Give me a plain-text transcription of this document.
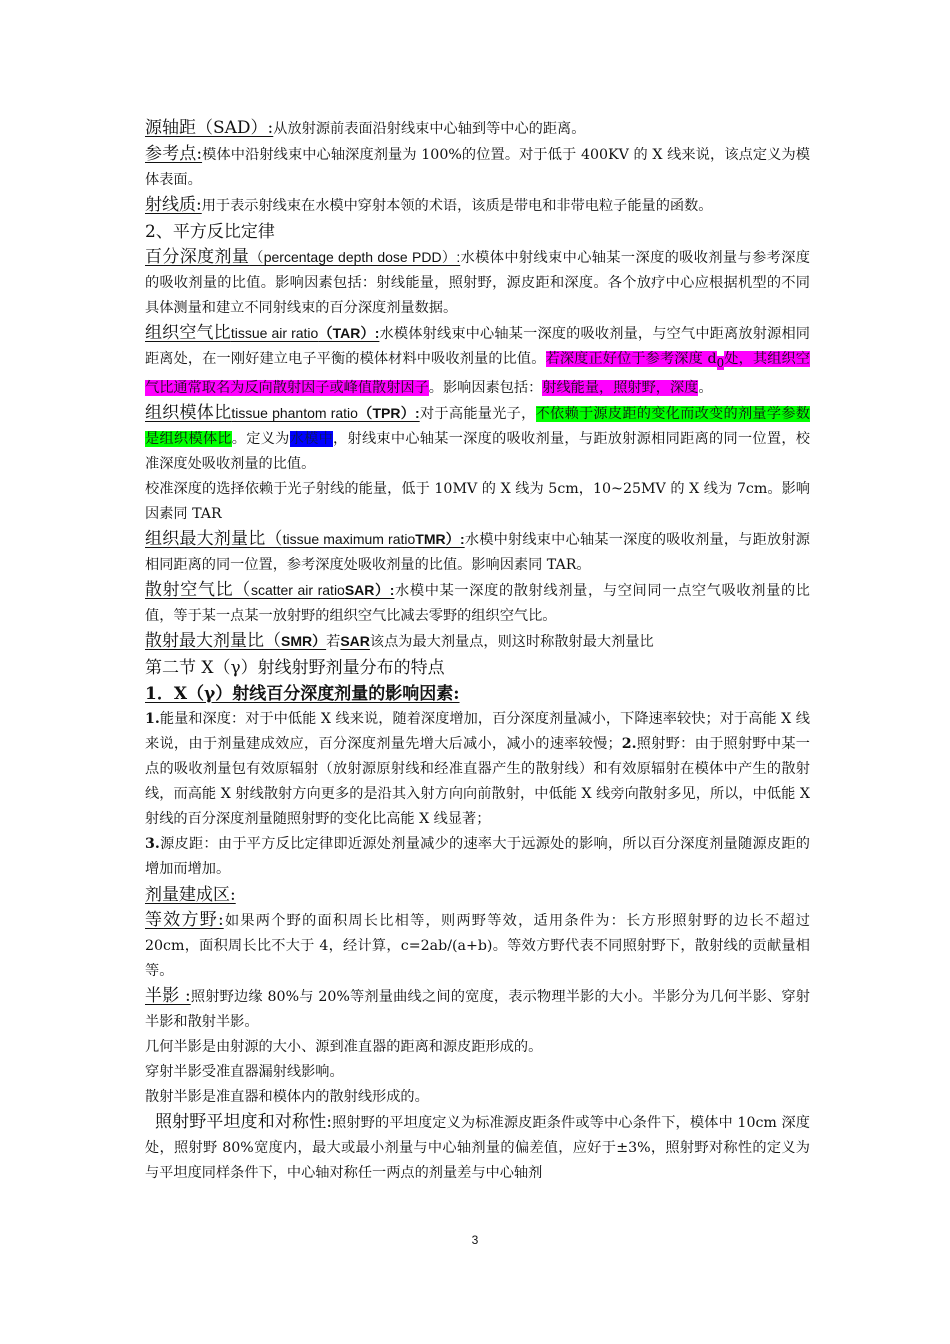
源轴距（SAD）:从放射源前表面沿射线束中心轴到等中心的距离。

参考点:模体中沿射线束中心轴深度剂量为 100%的位置。对于低于 400KV 的 X 线来说，该点定义为模体表面。

射线质:用于表示射线束在水模中穿射本领的术语，该质是带电和非带电粒子能量的函数。

2、平方反比定律

百分深度剂量（percentage depth dose PDD）:水模体中射线束中心轴某一深度的吸收剂量与参考深度的吸收剂量的比值。影响因素包括：射线能量，照射野，源皮距和深度。各个放疗中心应根据机型的不同具体测量和建立不同射线束的百分深度剂量数据。

组织空气比tissue air ratio（TAR）:水模体射线束中心轴某一深度的吸收剂量，与空气中距离放射源相同距离处，在一刚好建立电子平衡的模体材料中吸收剂量的比值。若深度正好位于参考深度 $d_0$处，其组织空气比通常取名为反向散射因子或峰值散射因子。影响因素包括：射线能量，照射野，深度。

组织模体比tissue phantom ratio（TPR）:对于高能量光子，不依赖于源皮距的变化而改变的剂量学参数是组织模体比。定义为水模中，射线束中心轴某一深度的吸收剂量，与距放射源相同距离的同一位置，校准深度处吸收剂量的比值。

校准深度的选择依赖于光子射线的能量，低于 10MV 的 X 线为 5cm，10~25MV 的 X 线为 7cm。影响因素同 TAR

组织最大剂量比（tissue maximum ratioTMR）:水模中射线束中心轴某一深度的吸收剂量，与距放射源相同距离的同一位置，参考深度处吸收剂量的比值。影响因素同 TAR。

散射空气比（scatter air ratioSAR）:水模中某一深度的散射线剂量，与空间同一点空气吸收剂量的比值，等于某一点某一放射野的组织空气比减去零野的组织空气比。

散射最大剂量比（SMR）若SAR该点为最大剂量点，则这时称散射最大剂量比

第二节 X（γ）射线射野剂量分布的特点

1．X（γ）射线百分深度剂量的影响因素:

1.能量和深度：对于中低能 X 线来说，随着深度增加，百分深度剂量减小，下降速率较快；对于高能 X 线来说，由于剂量建成效应，百分深度剂量先增大后减小，减小的速率较慢；2.照射野：由于照射野中某一点的吸收剂量包有效原辐射（放射源原射线和经准直器产生的散射线）和有效原辐射在模体中产生的散射线，而高能 X 射线散射方向更多的是沿其入射方向向前散射，中低能 X 线旁向散射多见，所以，中低能 X 射线的百分深度剂量随照射野的变化比高能 X 线显著；

3.源皮距：由于平方反比定律即近源处剂量减少的速率大于远源处的影响，所以百分深度剂量随源皮距的增加而增加。

剂量建成区:

等效方野:如果两个野的面积周长比相等，则两野等效，适用条件为：长方形照射野的边长不超过 20cm，面积周长比不大于 4，经计算，c=2ab/(a+b)。等效方野代表不同照射野下，散射线的贡献量相等。

半影 :照射野边缘 80%与 20%等剂量曲线之间的宽度，表示物理半影的大小。半影分为几何半影、穿射半影和散射半影。

几何半影是由射源的大小、源到准直器的距离和源皮距形成的。

穿射半影受准直器漏射线影响。

散射半影是准直器和模体内的散射线形成的。

照射野平坦度和对称性:照射野的平坦度定义为标准源皮距条件或等中心条件下，模体中 10cm 深度处，照射野 80%宽度内，最大或最小剂量与中心轴剂量的偏差值，应好于±3%，照射野对称性的定义为与平坦度同样条件下，中心轴对称任一两点的剂量差与中心轴剂

3
